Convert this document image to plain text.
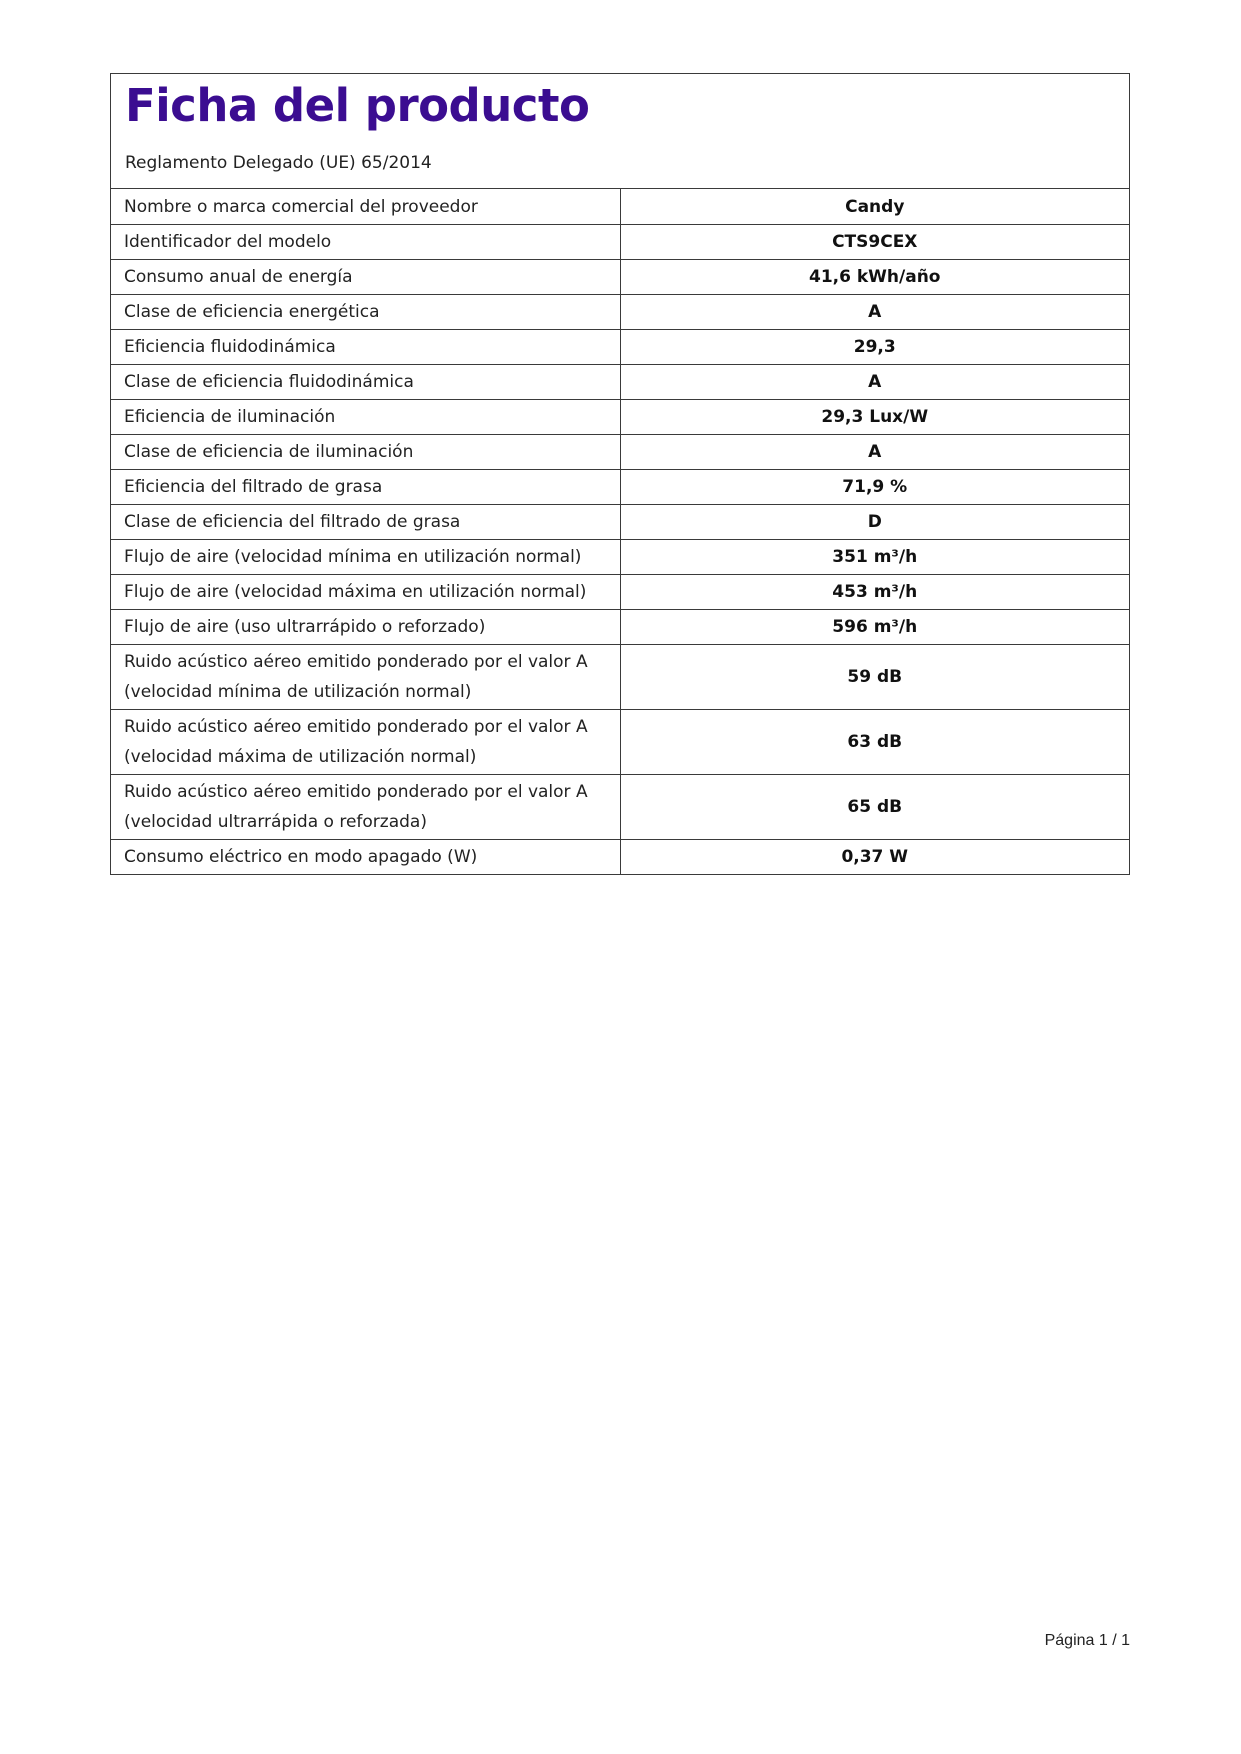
Ficha del producto
Reglamento Delegado (UE) 65/2014
Nombre o marca comercial del proveedor	Candy
Identificador del modelo	CTS9CEX
Consumo anual de energía	41,6 kWh/año
Clase de eficiencia energética	A
Eficiencia fluidodinámica	29,3
Clase de eficiencia fluidodinámica	A
Eficiencia de iluminación	29,3 Lux/W
Clase de eficiencia de iluminación	A
Eficiencia del filtrado de grasa	71,9 %
Clase de eficiencia del filtrado de grasa	D
Flujo de aire (velocidad mínima en utilización normal)	351 m³/h
Flujo de aire (velocidad máxima en utilización normal)	453 m³/h
Flujo de aire (uso ultrarrápido o reforzado)	596 m³/h

Ruido acústico aéreo emitido ponderado por el valor A
(velocidad mínima de utilización normal)	59 dB

Ruido acústico aéreo emitido ponderado por el valor A
(velocidad máxima de utilización normal)	63 dB

Ruido acústico aéreo emitido ponderado por el valor A
(velocidad ultrarrápida o reforzada)	65 dB
Consumo eléctrico en modo apagado (W)	0,37 W
Página 1 / 1
